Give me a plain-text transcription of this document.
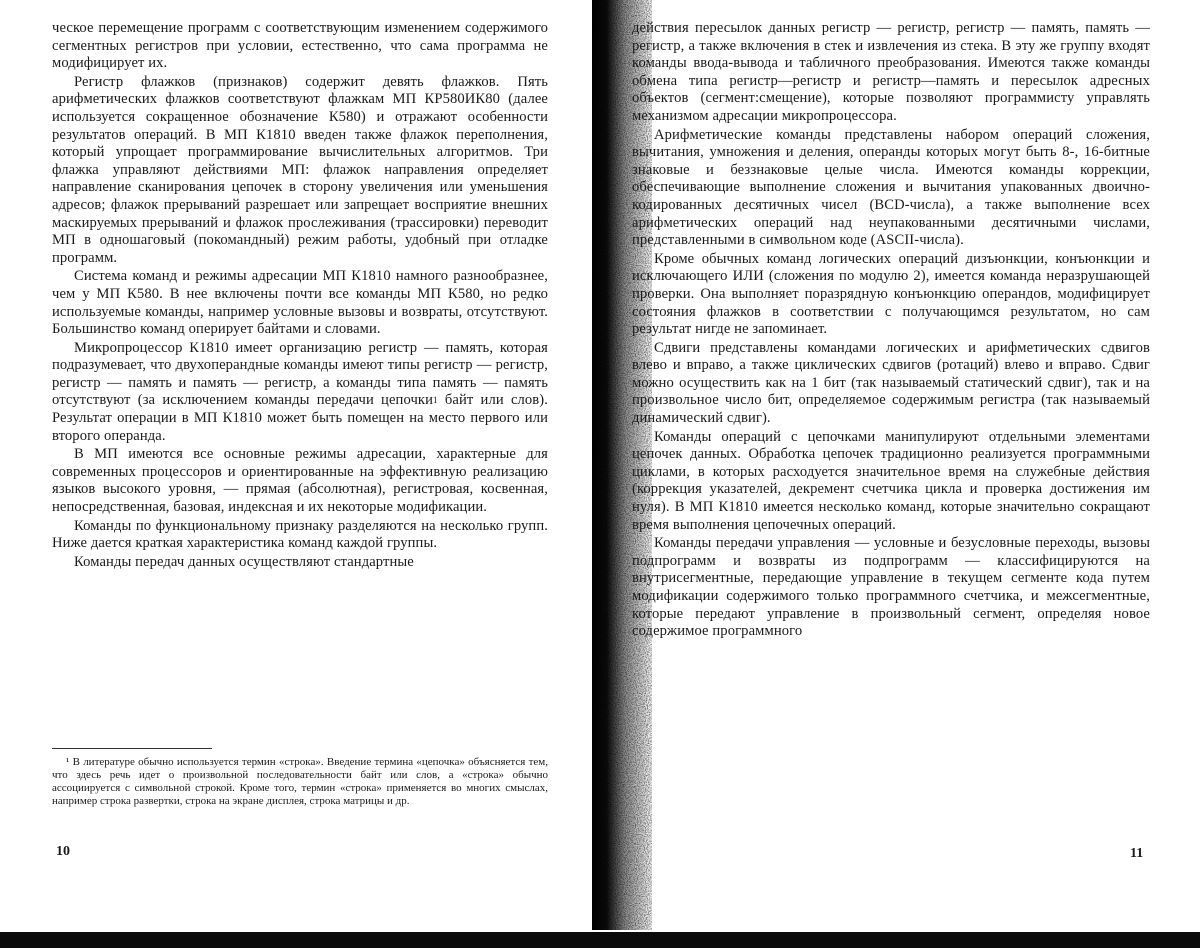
ческое перемещение программ с соответствующим изменением содержимого сегментных регистров при условии, естественно, что сама программа не модифицирует их.

Регистр флажков (признаков) содержит девять флажков. Пять арифметических флажков соответствуют флажкам МП КР580ИК80 (далее используется сокращенное обозначение К580) и отражают особенности результатов операций. В МП К1810 введен также флажок переполнения, который упрощает программирование вычислительных алгоритмов. Три флажка управляют действиями МП: флажок направления определяет направление сканирования цепочек в сторону увеличения или уменьшения адресов; флажок прерываний разрешает или запрещает восприятие внешних маскируемых прерываний и флажок прослеживания (трассировки) переводит МП в одношаговый (покомандный) режим работы, удобный при отладке программ.

Система команд и режимы адресации МП К1810 намного разнообразнее, чем у МП К580. В нее включены почти все команды МП К580, но редко используемые команды, например условные вызовы и возвраты, отсутствуют. Большинство команд оперирует байтами и словами.

Микропроцессор К1810 имеет организацию регистр — память, которая подразумевает, что двухоперандные команды имеют типы регистр — регистр, регистр — память и память — регистр, а команды типа память — память отсутствуют (за исключением команды передачи цепочки$^1$ байт или слов). Результат операции в МП К1810 может быть помещен на место первого или второго операнда.

В МП имеются все основные режимы адресации, характерные для современных процессоров и ориентированные на эффективную реализацию языков высокого уровня, — прямая (абсолютная), регистровая, косвенная, непосредственная, базовая, индексная и их некоторые модификации.

Команды по функциональному признаку разделяются на несколько групп. Ниже дается краткая характеристика команд каждой группы.

Команды передач данных осуществляют стандартные

¹ В литературе обычно используется термин «строка». Введение термина «цепочка» объясняется тем, что здесь речь идет о произвольной последовательности байт или слов, а «строка» обычно ассоциируется с символьной строкой. Кроме того, термин «строка» применяется во многих смыслах, например строка развертки, строка на экране дисплея, строка матрицы и др.

10

действия пересылок данных регистр — регистр, регистр — память, память — регистр, а также включения в стек и извлечения из стека. В эту же группу входят команды ввода-вывода и табличного преобразования. Имеются также команды обмена типа регистр—регистр и регистр—память и пересылок адресных объектов (сегмент:смещение), которые позволяют программисту управлять механизмом адресации микропроцессора.

Арифметические команды представлены набором операций сложения, вычитания, умножения и деления, операнды которых могут быть 8-, 16-битные знаковые и беззнаковые целые числа. Имеются команды коррекции, обеспечивающие выполнение сложения и вычитания упакованных двоично-кодированных десятичных чисел (BCD-числа), а также выполнение всех арифметических операций над неупакованными десятичными числами, представленными в символьном коде (ASCII-числа).

Кроме обычных команд логических операций дизъюнкции, конъюнкции и исключающего ИЛИ (сложения по модулю 2), имеется команда неразрушающей проверки. Она выполняет поразрядную конъюнкцию операндов, модифицирует состояния флажков в соответствии с получающимся результатом, но сам результат нигде не запоминает.

Сдвиги представлены командами логических и арифметических сдвигов влево и вправо, а также циклических сдвигов (ротаций) влево и вправо. Сдвиг можно осуществить как на 1 бит (так называемый статический сдвиг), так и на произвольное число бит, определяемое содержимым регистра (так называемый динамический сдвиг).

Команды операций с цепочками манипулируют отдельными элементами цепочек данных. Обработка цепочек традиционно реализуется программными циклами, в которых расходуется значительное время на служебные действия (коррекция указателей, декремент счетчика цикла и проверка достижения им нуля). В МП К1810 имеется несколько команд, которые значительно сокращают время выполнения цепочечных операций.

Команды передачи управления — условные и безусловные переходы, вызовы подпрограмм и возвраты из подпрограмм — классифицируются на внутрисегментные, передающие управление в текущем сегменте кода путем модификации содержимого только программного счетчика, и межсегментные, которые передают управление в произвольный сегмент, определяя новое содержимое программного

11
